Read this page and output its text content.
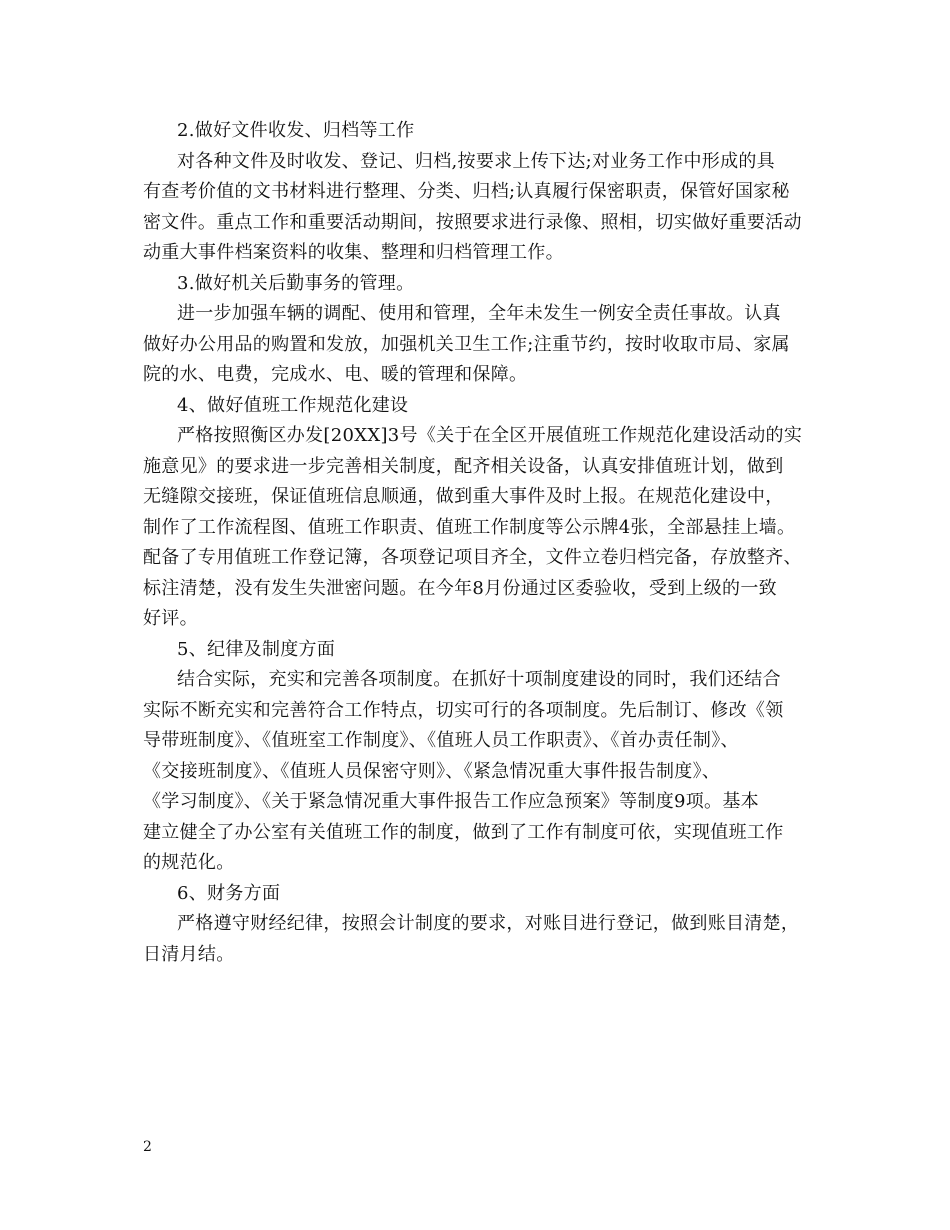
2.做好文件收发、归档等工作
对各种文件及时收发、登记、归档,按要求上传下达;对业务工作中形成的具
有查考价值的文书材料进行整理、分类、归档;认真履行保密职责，保管好国家秘
密文件。重点工作和重要活动期间，按照要求进行录像、照相，切实做好重要活动
动重大事件档案资料的收集、整理和归档管理工作。
3.做好机关后勤事务的管理。
进一步加强车辆的调配、使用和管理，全年未发生一例安全责任事故。认真
做好办公用品的购置和发放，加强机关卫生工作;注重节约，按时收取市局、家属
院的水、电费，完成水、电、暖的管理和保障。
4、做好值班工作规范化建设
严格按照衡区办发[20XX]3号《关于在全区开展值班工作规范化建设活动的实
施意见》的要求进一步完善相关制度，配齐相关设备，认真安排值班计划，做到
无缝隙交接班，保证值班信息顺通，做到重大事件及时上报。在规范化建设中，
制作了工作流程图、值班工作职责、值班工作制度等公示牌4张，全部悬挂上墙。
配备了专用值班工作登记簿，各项登记项目齐全，文件立卷归档完备，存放整齐、
标注清楚，没有发生失泄密问题。在今年8月份通过区委验收，受到上级的一致
好评。
5、纪律及制度方面
结合实际，充实和完善各项制度。在抓好十项制度建设的同时，我们还结合
实际不断充实和完善符合工作特点，切实可行的各项制度。先后制订、修改《领
导带班制度》、《值班室工作制度》、《值班人员工作职责》、《首办责任制》、
《交接班制度》、《值班人员保密守则》、《紧急情况重大事件报告制度》、
《学习制度》、《关于紧急情况重大事件报告工作应急预案》等制度9项。基本
建立健全了办公室有关值班工作的制度，做到了工作有制度可依，实现值班工作
的规范化。
6、财务方面
严格遵守财经纪律，按照会计制度的要求，对账目进行登记，做到账目清楚，
日清月结。
2
